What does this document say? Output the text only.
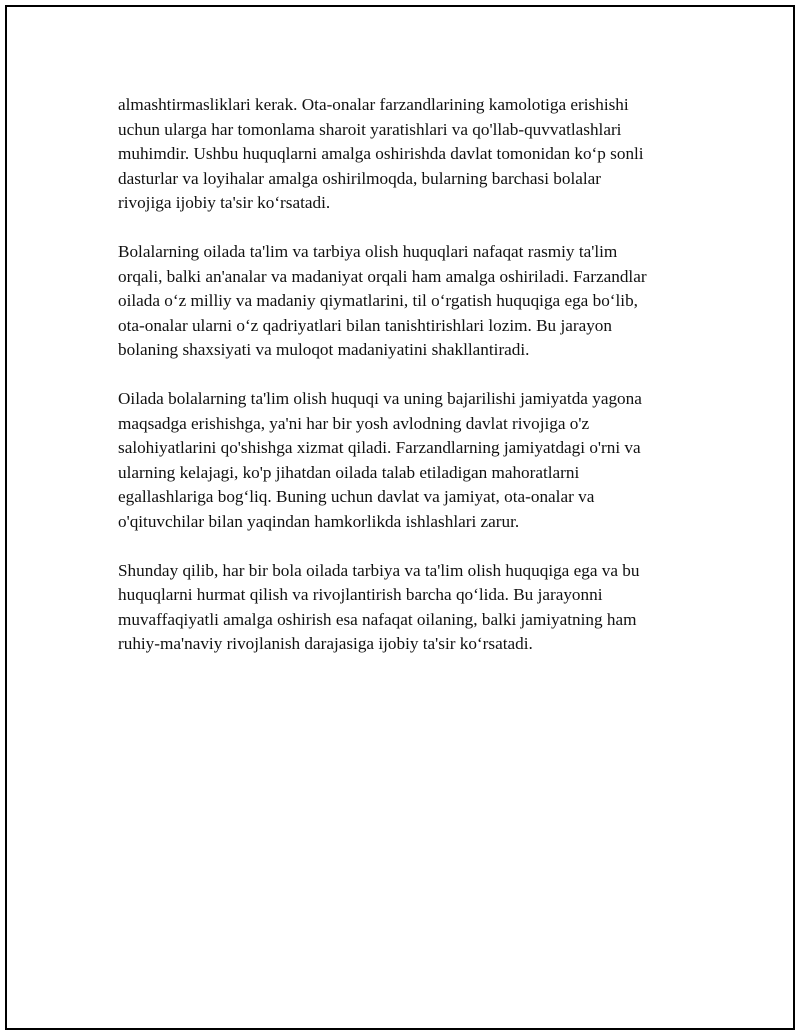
almashtirmasliklari kerak. Ota-onalar farzandlarining kamolotiga erishishi
uchun ularga har tomonlama sharoit yaratishlari va qo'llab-quvvatlashlari
muhimdir. Ushbu huquqlarni amalga oshirishda davlat tomonidan ko‘p sonli
dasturlar va loyihalar amalga oshirilmoqda, bularning barchasi bolalar
rivojiga ijobiy ta'sir ko‘rsatadi.

Bolalarning oilada ta'lim va tarbiya olish huquqlari nafaqat rasmiy ta'lim
orqali, balki an'analar va madaniyat orqali ham amalga oshiriladi. Farzandlar
oilada o‘z milliy va madaniy qiymatlarini, til o‘rgatish huquqiga ega bo‘lib,
ota-onalar ularni o‘z qadriyatlari bilan tanishtirishlari lozim. Bu jarayon
bolaning shaxsiyati va muloqot madaniyatini shakllantiradi.

Oilada bolalarning ta'lim olish huquqi va uning bajarilishi jamiyatda yagona
maqsadga erishishga, ya'ni har bir yosh avlodning davlat rivojiga o'z
salohiyatlarini qo'shishga xizmat qiladi. Farzandlarning jamiyatdagi o'rni va
ularning kelajagi, ko'p jihatdan oilada talab etiladigan mahoratlarni
egallashlariga bog‘liq. Buning uchun davlat va jamiyat, ota-onalar va
o'qituvchilar bilan yaqindan hamkorlikda ishlashlari zarur.

Shunday qilib, har bir bola oilada tarbiya va ta'lim olish huquqiga ega va bu
huquqlarni hurmat qilish va rivojlantirish barcha qo‘lida. Bu jarayonni
muvaffaqiyatli amalga oshirish esa nafaqat oilaning, balki jamiyatning ham
ruhiy-ma'naviy rivojlanish darajasiga ijobiy ta'sir ko‘rsatadi.
